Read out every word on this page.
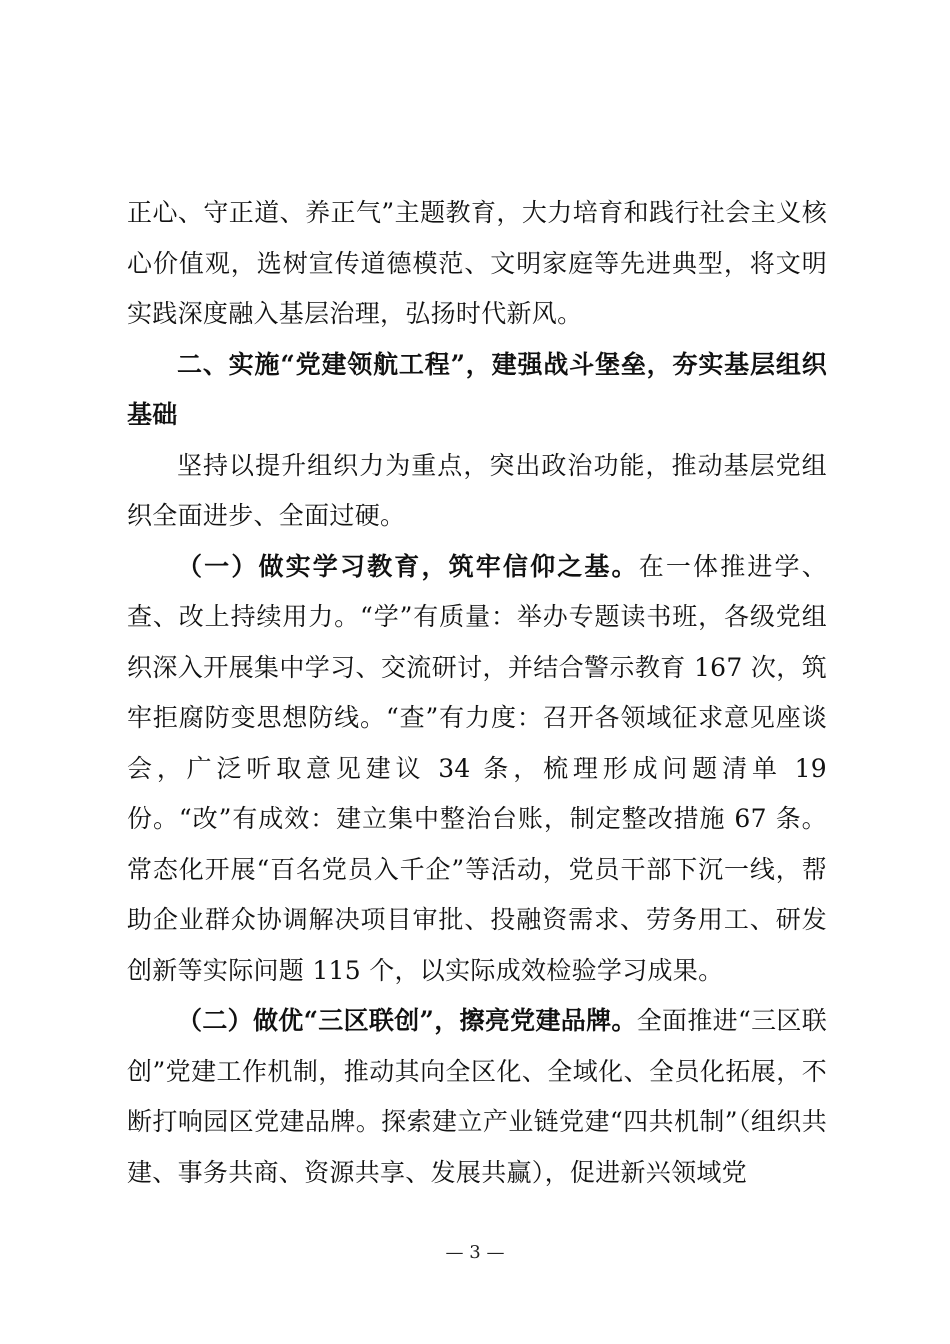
正心、守正道、养正气”主题教育，大力培育和践行社会主义核心价值观，选树宣传道德模范、文明家庭等先进典型，将文明实践深度融入基层治理，弘扬时代新风。

二、实施“党建领航工程”，建强战斗堡垒，夯实基层组织基础

坚持以提升组织力为重点，突出政治功能，推动基层党组织全面进步、全面过硬。

（一）做实学习教育，筑牢信仰之基。在一体推进学、查、改上持续用力。“学”有质量：举办专题读书班，各级党组织深入开展集中学习、交流研讨，并结合警示教育 167 次，筑牢拒腐防变思想防线。“查”有力度：召开各领域征求意见座谈会，广泛听取意见建议 34 条，梳理形成问题清单 19 份。“改”有成效：建立集中整治台账，制定整改措施 67 条。常态化开展“百名党员入千企”等活动，党员干部下沉一线，帮助企业群众协调解决项目审批、投融资需求、劳务用工、研发创新等实际问题 115 个，以实际成效检验学习成果。

（二）做优“三区联创”，擦亮党建品牌。全面推进“三区联创”党建工作机制，推动其向全区化、全域化、全员化拓展，不断打响园区党建品牌。探索建立产业链党建“四共机制”（组织共建、事务共商、资源共享、发展共赢），促进新兴领域党

— 3 —
